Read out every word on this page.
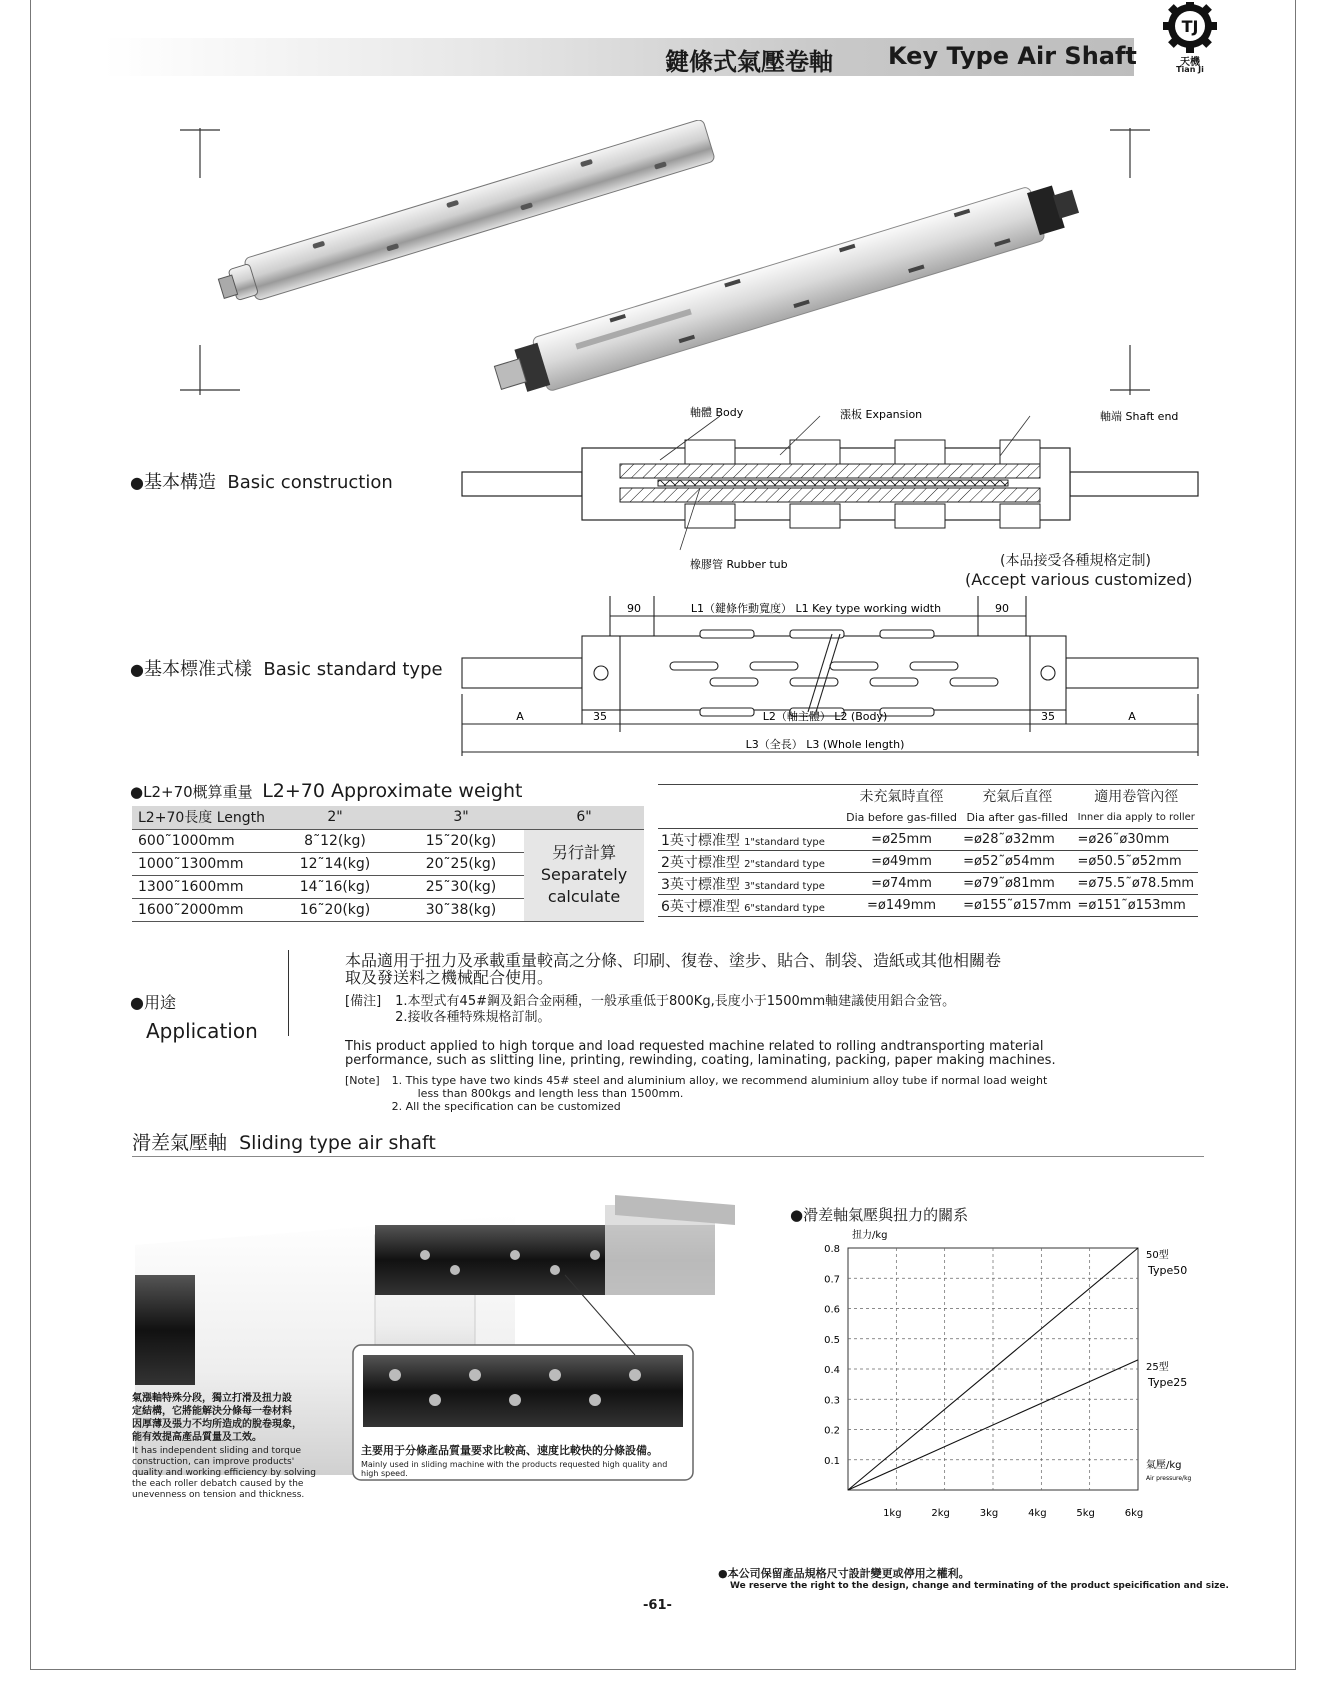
鍵條式氣壓卷軸 Key Type Air Shaft
TJ
天機
Tian Ji
●基本構造 Basic construction
軸體 Body	漲板 Expansion	軸端 Shaft end
橡膠管 Rubber tub	(本品接受各種規格定制)
(Accept various customized)
●基本標准式樣 Basic standard type
90	L1（鍵條作動寬度） L1 Key type working width	90
A	35	L2（軸主體） L2 (Body)	35	A
L3（全長） L3 (Whole length)
●L2+70概算重量 L2+70 Approximate weight
L2+70長度 Length	2"	3"	6"
600˜1000mm	8˜12(kg)	15˜20(kg)	另行計算
Separately calculate

1000˜1300mm	12˜14(kg)	20˜25(kg)	
1300˜1600mm	14˜16(kg)	25˜30(kg)	
1600˜2000mm	16˜20(kg)	30˜38(kg)	
	未充氣時直徑	充氣后直徑	適用卷管內徑
	Dia before gas-filled	Dia after gas-filled	Inner dia apply to roller
1英寸標准型 1"standard type	=ø25mm	=ø28˜ø32mm	=ø26˜ø30mm
2英寸標准型 2"standard type	=ø49mm	=ø52˜ø54mm	=ø50.5˜ø52mm
3英寸標准型 3"standard type	=ø74mm	=ø79˜ø81mm	=ø75.5˜ø78.5mm
6英寸標准型 6"standard type	=ø149mm	=ø155˜ø157mm	=ø151˜ø153mm
●用途
Application
本品適用于扭力及承載重量較高之分條、印刷、復卷、塗步、貼合、制袋、造紙或其他相關卷
取及發送料之機械配合使用。
[備注] 1.本型式有45#鋼及鋁合金兩種，一般承重低于800Kg,長度小于1500mm軸建議使用鋁合金管。
2.接收各種特殊規格訂制。
This product applied to high torque and load requested machine related to rolling andtransporting material
performance, such as slitting line, printing, rewinding, coating, laminating, packing, paper making machines.
[Note] 1. This type have two kinds 45# steel and aluminium alloy, we recommend aluminium alloy tube if normal load weight
less than 800kgs and length less than 1500mm.
2. All the specification can be customized
滑差氣壓軸 Sliding type air shaft
主要用于分條產品質量要求比較高、速度比較快的分條設備。
Mainly used in sliding machine with the products requested high quality and high speed.
氣漲軸特殊分段，獨立打滑及扭力設
定結構，它將能解決分條每一卷材料
因厚薄及張力不均所造成的脫卷現象，
能有效提高產品質量及工效。
It has independent sliding and torque
construction, can improve products'
quality and working efficiency by solving
the each roller debatch caused by the
unevenness on tension and thickness.
●滑差軸氣壓與扭力的關系
0.1
0.2
0.3
0.4
0.5
0.6
0.7
0.8
1kg	2kg	3kg	4kg	5kg	6kg
扭力/kg
氣壓/kg
Air pressure/kg
50型
Type50
25型
Type25
●本公司保留產品規格尺寸設計變更或停用之權利。
We reserve the right to the design, change and terminating of the product speicification and size.
-61-
